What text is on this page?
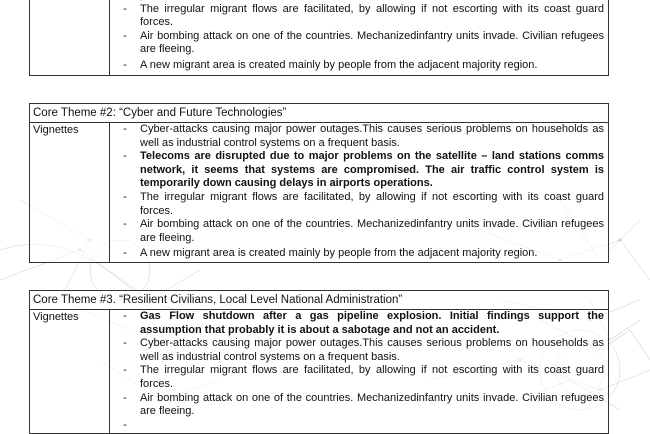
-	The irregular migrant flows are facilitated, by allowing if not escorting with its coast guard forces.
-	Air bombing attack on one of the countries. Mechanizedinfantry units invade. Civilian refugees are fleeing.
-	A new migrant area is created mainly by people from the adjacent majority region.
Core Theme #2: “Cyber and Future Technologies”
Vignettes	-	Cyber-attacks causing major power outages.This causes serious problems on households as well as industrial control systems on a frequent basis.
-	Telecoms are disrupted due to major problems on the satellite – land stations comms network, it seems that systems are compromised. The air traffic control system is temporarily down causing delays in airports operations.
-	The irregular migrant flows are facilitated, by allowing if not escorting with its coast guard forces.
-	Air bombing attack on one of the countries. Mechanizedinfantry units invade. Civilian refugees are fleeing.
-	A new migrant area is created mainly by people from the adjacent majority region.
Core Theme #3. “Resilient Civilians, Local Level National Administration”
Vignettes	-	Gas Flow shutdown after a gas pipeline explosion. Initial findings support the assumption that probably it is about a sabotage and not an accident.
-	Cyber-attacks causing major power outages.This causes serious problems on households as well as industrial control systems on a frequent basis.
-	The irregular migrant flows are facilitated, by allowing if not escorting with its coast guard forces.
-	Air bombing attack on one of the countries. Mechanizedinfantry units invade. Civilian refugees are fleeing.
-
